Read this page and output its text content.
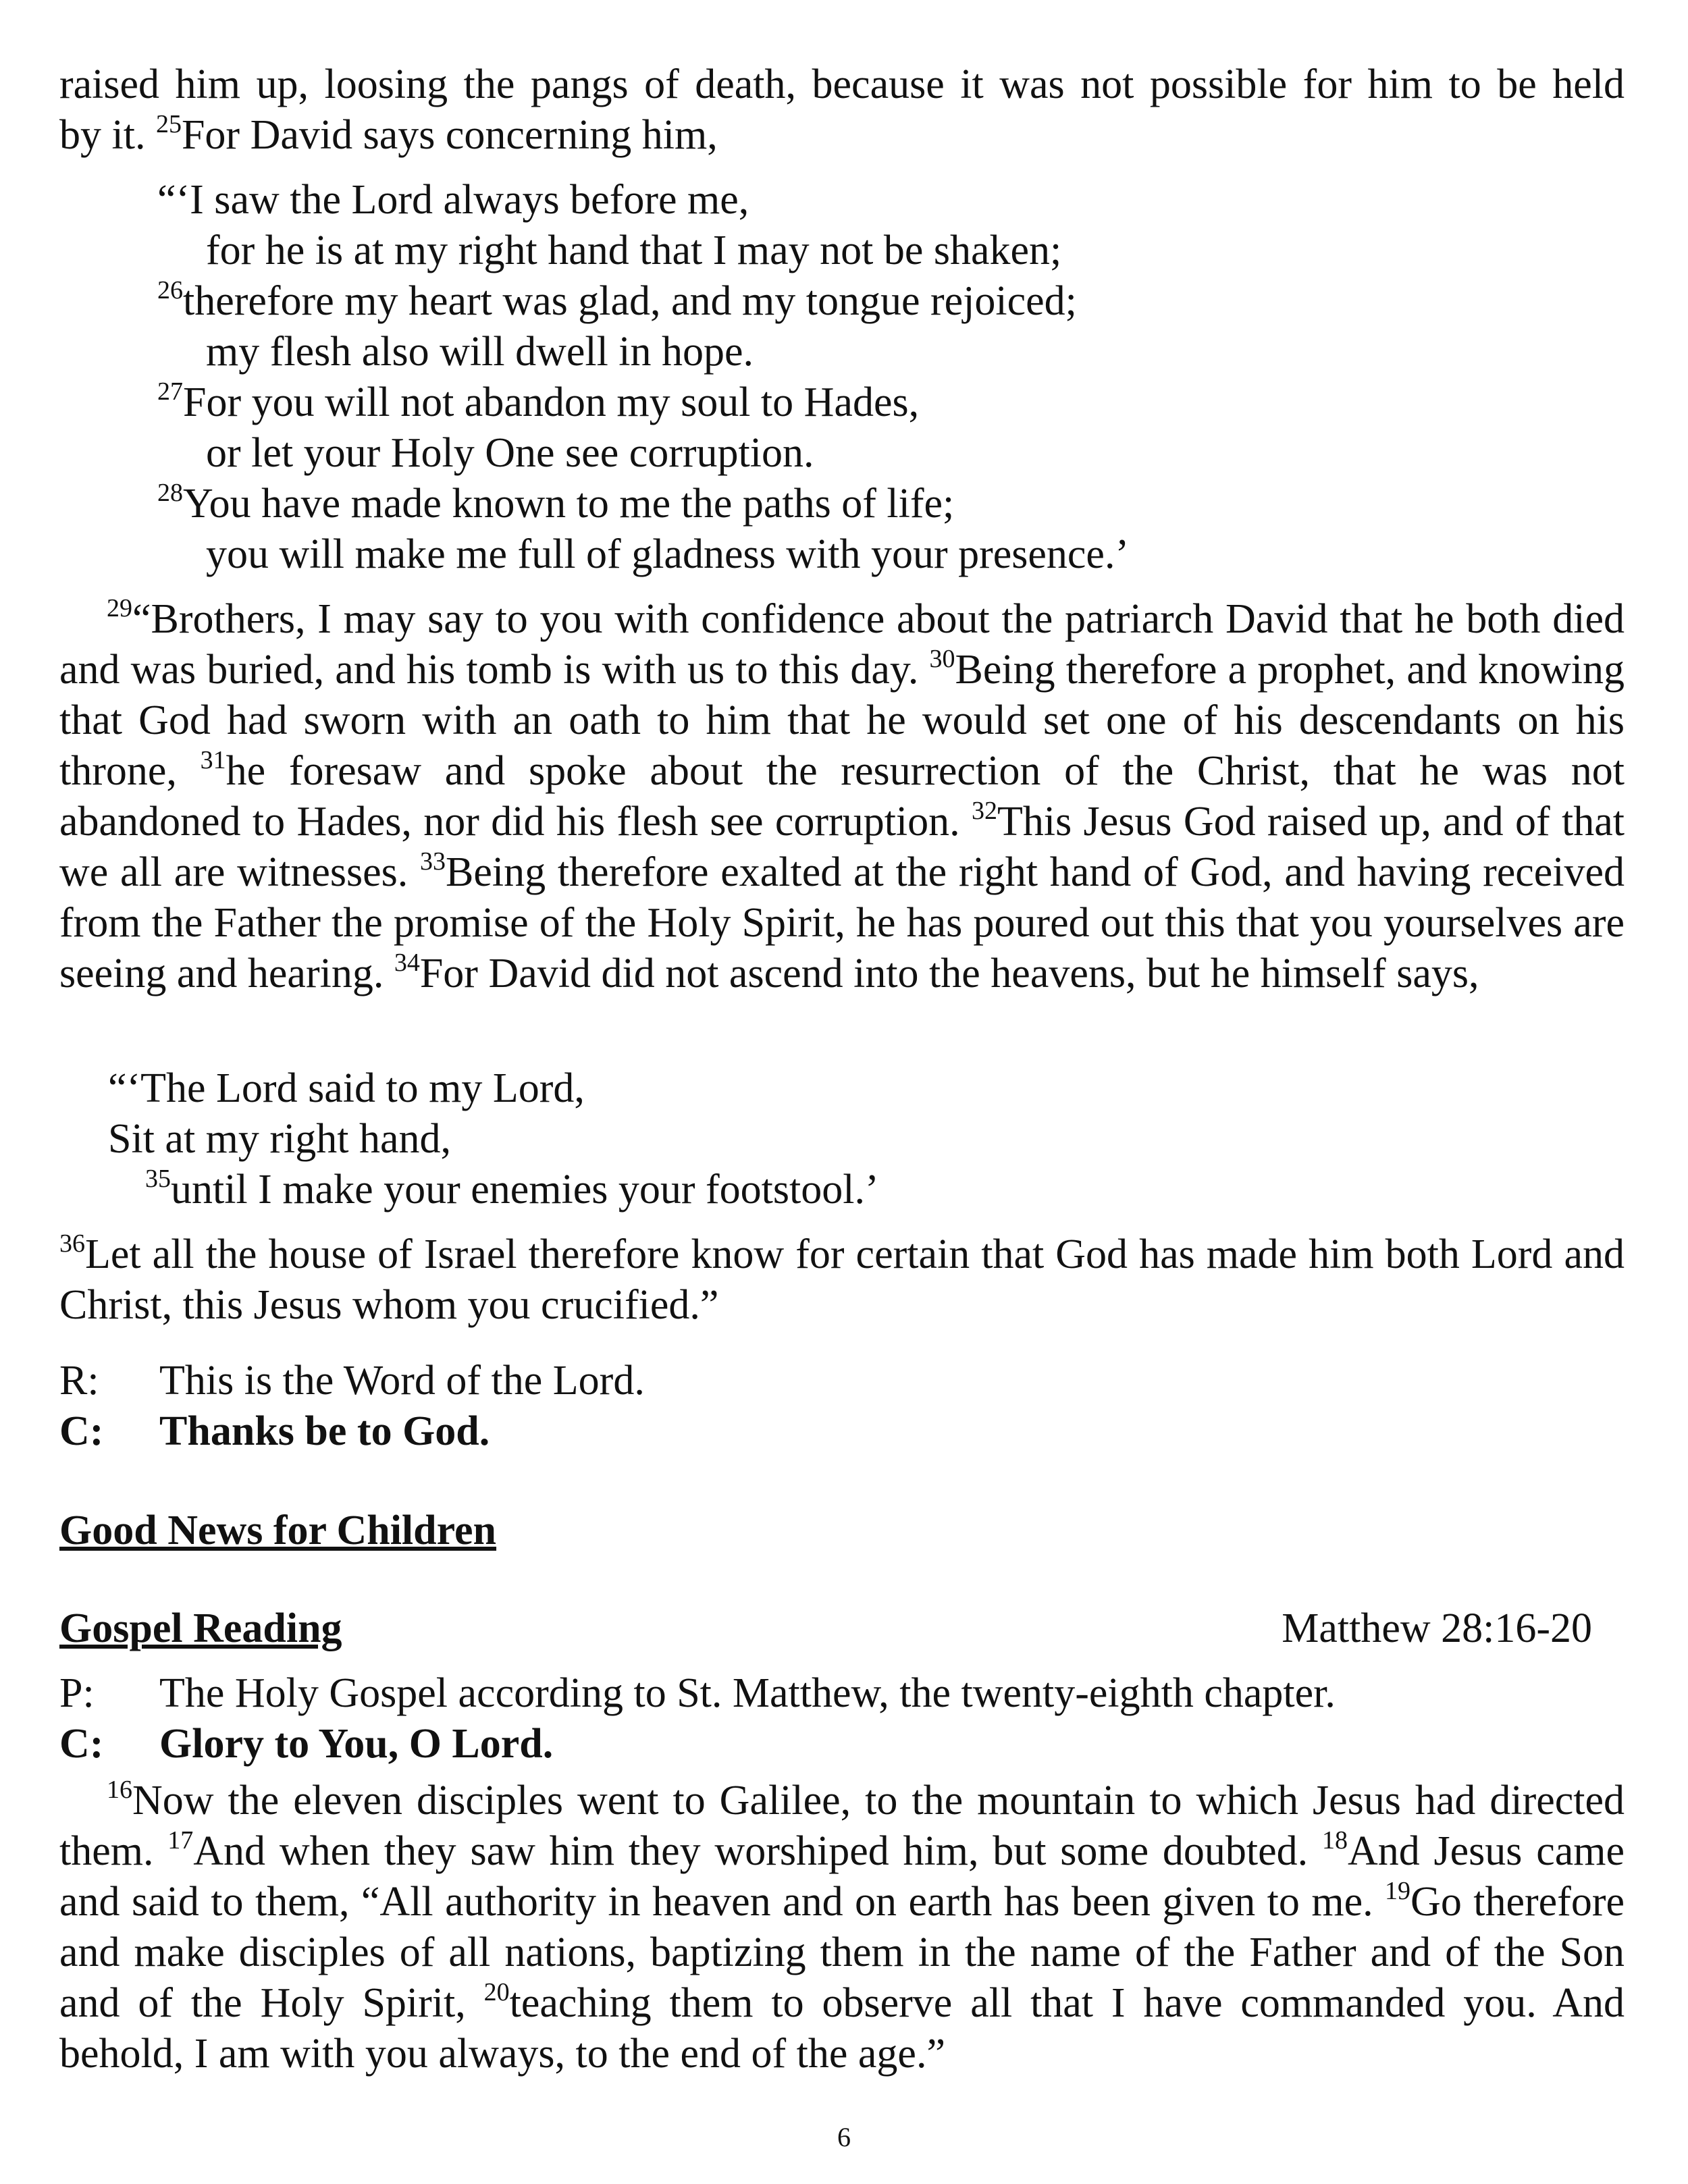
raised him up, loosing the pangs of death, because it was not possible for him to be held

by it. $^{25}$For David says concerning him,
“‘I saw the Lord always before me,
for he is at my right hand that I may not be shaken;
$^{26}$therefore my heart was glad, and my tongue rejoiced;
my flesh also will dwell in hope.
$^{27}$For you will not abandon my soul to Hades,
or let your Holy One see corruption.
$^{28}$You have made known to me the paths of life;
you will make me full of gladness with your presence.’

$^{29}$“Brothers, I may say to you with confidence about the patriarch David that he both died and was buried, and his tomb is with us to this day. $^{30}$Being therefore a prophet, and knowing that God had sworn with an oath to him that he would set one of his descendants on his throne, $^{31}$he foresaw and spoke about the resurrection of the Christ, that he was not abandoned to Hades, nor did his flesh see corruption. $^{32}$This Jesus God raised up, and of that we all are witnesses. $^{33}$Being therefore exalted at the right hand of God, and having received from the Father the promise of the Holy Spirit, he has poured out this that you yourselves are seeing and hearing. $^{34}$For David did not ascend into the heavens, but he himself says,

“‘The Lord said to my Lord,
Sit at my right hand,
$^{35}$until I make your enemies your footstool.’

$^{36}$Let all the house of Israel therefore know for certain that God has made him both Lord and Christ, this Jesus whom you crucified.”

R: This is the Word of the Lord.
C: Thanks be to God.
Good News for Children
Gospel Reading	Matthew 28:16-20
P: The Holy Gospel according to St. Matthew, the twenty-eighth chapter.
C: Glory to You, O Lord.

$^{16}$Now the eleven disciples went to Galilee, to the mountain to which Jesus had directed them. $^{17}$And when they saw him they worshiped him, but some doubted. $^{18}$And Jesus came and said to them, “All authority in heaven and on earth has been given to me. $^{19}$Go therefore and make disciples of all nations, baptizing them in the name of the Father and of the Son and of the Holy Spirit, $^{20}$teaching them to observe all that I have commanded you. And behold, I am with you always, to the end of the age.”

6
